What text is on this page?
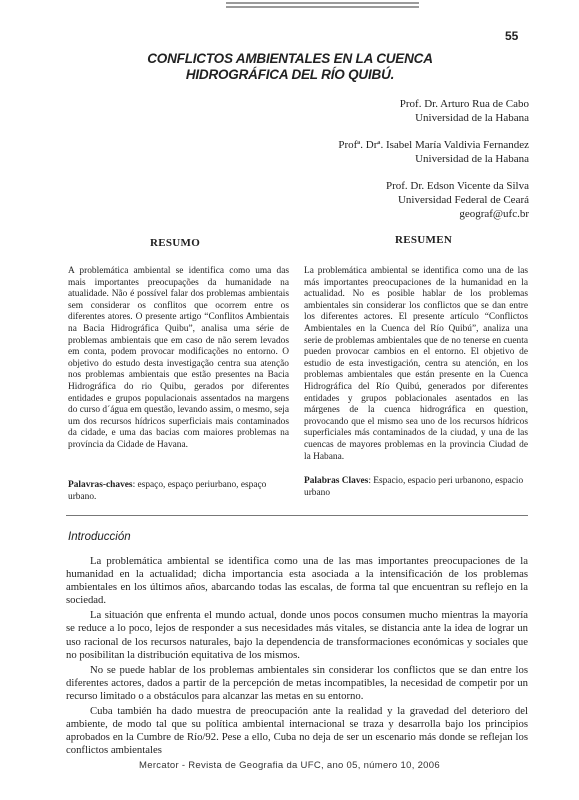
55
CONFLICTOS AMBIENTALES EN LA CUENCA
HIDROGRÁFICA DEL RÍO QUIBÚ.
Prof. Dr. Arturo Rua de Cabo
Universidad de la Habana
Profª. Drª. Isabel María Valdivia Fernandez
Universidad de la Habana
Prof. Dr. Edson Vicente da Silva
Universidad Federal de Ceará
geograf@ufc.br
RESUMO	RESUMEN
A problemática ambiental se identifica como uma das mais importantes preocupações da humanidade na atualidade. Não é possível falar dos problemas ambientais sem considerar os conflitos que ocorrem entre os diferentes atores. O presente artigo “Conflitos Ambientais na Bacia Hidrográfica Quibu”, analisa uma série de problemas ambientais que em caso de não serem levados em conta, podem provocar modificações no entorno. O objetivo do estudo desta investigação centra sua atenção nos problemas ambientais que estão presentes na Bacia Hidrográfica do rio Quibu, gerados por diferentes entidades e grupos populacionais assentados na margens do curso d´água em questão, levando assim, o mesmo, seja um dos recursos hídricos superficiais mais contaminados da cidade, e uma das bacias com maiores problemas na província da Cidade de Havana.
La problemática ambiental se identifica como una de las más importantes preocupaciones de la humanidad en la actualidad. No es posible hablar de los problemas ambientales sin considerar los conflictos que se dan entre los diferentes actores. El presente artículo “Conflictos Ambientales en la Cuenca del Río Quibú”, analiza una serie de problemas ambientales que de no tenerse en cuenta pueden provocar cambios en el entorno. El objetivo de estudio de esta investigación, centra su atención, en los problemas ambientales que están presente en la Cuenca Hidrográfica del Río Quibú, generados por diferentes entidades y grupos poblacionales asentados en las márgenes de la cuenca hidrográfica en question, provocando que el mismo sea uno de los recursos hídricos superficiales más contaminados de la ciudad, y una de las cuencas de mayores problemas en la provincia Ciudad de la Habana.
Palavras-chaves: espaço, espaço periurbano, espaço urbano.
Palabras Claves: Espacio, espacio peri urbanono, espacio urbano
Introducción

La problemática ambiental se identifica como una de las mas importantes preocupaciones de la humanidad en la actualidad; dicha importancia esta asociada a la intensificación de los problemas ambientales en los últimos años, abarcando todas las escalas, de forma tal que encuentran su reflejo en la sociedad.

La situación que enfrenta el mundo actual, donde unos pocos consumen mucho mientras la mayoría se reduce a lo poco, lejos de responder a sus necesidades más vitales, se distancia ante la idea de lograr un uso racional de los recursos naturales, bajo la dependencia de transformaciones económicas y sociales que no posibilitan la distribución equitativa de los mismos.

No se puede hablar de los problemas ambientales sin considerar los conflictos que se dan entre los diferentes actores, dados a partir de la percepción de metas incompatibles, la necesidad de competir por un recurso limitado o a obstáculos para alcanzar las metas en su entorno.

Cuba también ha dado muestra de preocupación ante la realidad y la gravedad del deterioro del ambiente, de modo tal que su política ambiental internacional se traza y desarrolla bajo los principios aprobados en la Cumbre de Río/92. Pese a ello, Cuba no deja de ser un escenario más donde se reflejan los conflictos ambientales

Mercator - Revista de Geografia da UFC, ano 05, número 10, 2006
